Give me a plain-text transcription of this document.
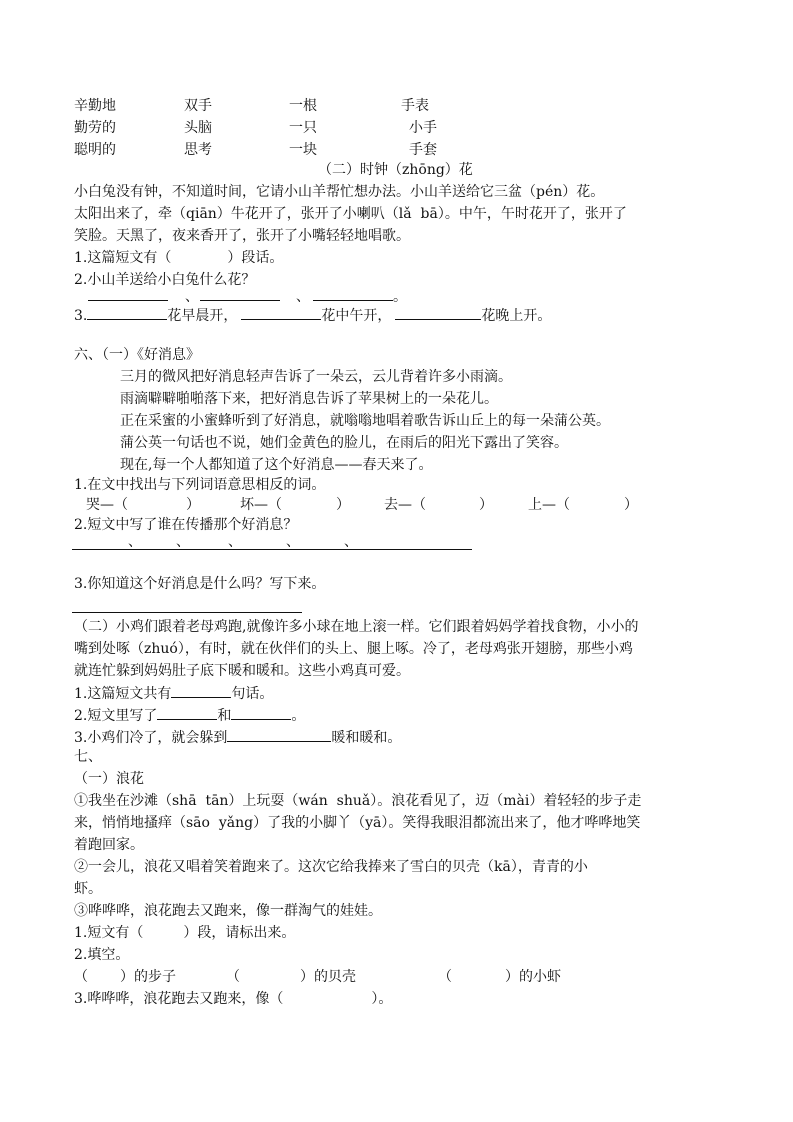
辛勤地	双手	一根	手表
勤劳的	头脑	一只	小手
聪明的	思考	一块	手套
（二）时钟（zhōng）花
小白兔没有钟，不知道时间，它请小山羊帮忙想办法。小山羊送给它三盆（pén）花。
太阳出来了，牵（qiān）牛花开了，张开了小喇叭（lǎ  bā）。中午，午时花开了，张开了
笑脸。天黑了，夜来香开了，张开了小嘴轻轻地唱歌。
1.这篇短文有（	）段话。
2.小山羊送给小白兔什么花？
、	、	。
3.	花早晨开，	花中午开，	花晚上开。
六、（一）《好消息》
三月的微风把好消息轻声告诉了一朵云，云儿背着许多小雨滴。
雨滴噼噼啪啪落下来，把好消息告诉了苹果树上的一朵花儿。
正在采蜜的小蜜蜂听到了好消息，就嗡嗡地唱着歌告诉山丘上的每一朵蒲公英。
蒲公英一句话也不说，她们金黄色的脸儿，在雨后的阳光下露出了笑容。
现在,每一个人都知道了这个好消息——春天来了。
1.在文中找出与下列词语意思相反的词。
哭—（	）	坏—（	） 去—（	）	上—（	）
2.短文中写了谁在传播那个好消息？
、 、	、	、	、
3.你知道这个好消息是什么吗？写下来。
（二）小鸡们跟着老母鸡跑,就像许多小球在地上滚一样。它们跟着妈妈学着找食物，小小的
嘴到处啄（zhuó），有时，就在伙伴们的头上、腿上啄。冷了，老母鸡张开翅膀，那些小鸡
就连忙躲到妈妈肚子底下暖和暖和。这些小鸡真可爱。
1.这篇短文共有	句话。
2.短文里写了	和	。
3.小鸡们冷了，就会躲到	暖和暖和。
七、
（一）浪花
①我坐在沙滩（shā  tān）上玩耍（wán  shuǎ）。浪花看见了，迈（mài）着轻轻的步子走
来，悄悄地搔痒（sāo  yǎng）了我的小脚丫（yā）。笑得我眼泪都流出来了，他才哗哗地笑
着跑回家。
②一会儿，浪花又唱着笑着跑来了。这次它给我捧来了雪白的贝壳（kā），青青的小
虾。
③哗哗哗，浪花跑去又跑来，像一群淘气的娃娃。
1.短文有（	）段，请标出来。
2.填空。
（ ）的步子	（	）的贝壳	（	）的小虾
3.哗哗哗，浪花跑去又跑来，像（	）。
